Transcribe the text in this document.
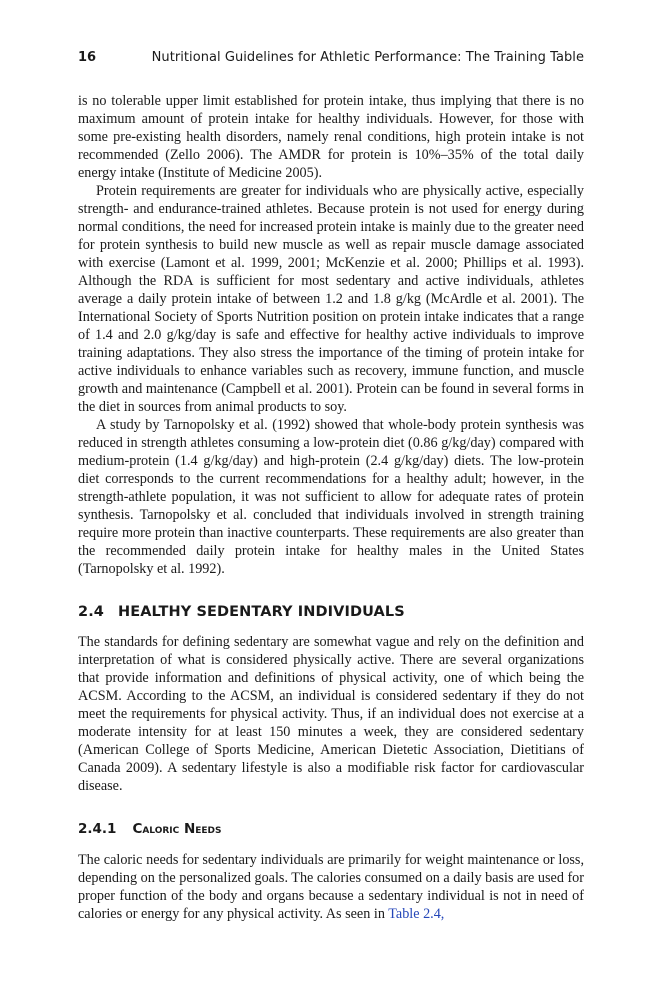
16	Nutritional Guidelines for Athletic Performance: The Training Table

is no tolerable upper limit established for protein intake, thus implying that there is no maximum amount of protein intake for healthy individuals. However, for those with some pre-existing health disorders, namely renal conditions, high protein intake is not recommended (Zello 2006). The AMDR for protein is 10%–35% of the total daily energy intake (Institute of Medicine 2005).

Protein requirements are greater for individuals who are physically active, especially strength- and endurance-trained athletes. Because protein is not used for energy during normal conditions, the need for increased protein intake is mainly due to the greater need for protein synthesis to build new muscle as well as repair muscle damage associated with exercise (Lamont et al. 1999, 2001; McKenzie et al. 2000; Phillips et al. 1993). Although the RDA is sufficient for most sedentary and active individuals, athletes average a daily protein intake of between 1.2 and 1.8 g/kg (McArdle et al. 2001). The International Society of Sports Nutrition position on protein intake indicates that a range of 1.4 and 2.0 g/kg/day is safe and effective for healthy active individuals to improve training adaptations. They also stress the importance of the timing of protein intake for active individuals to enhance variables such as recovery, immune function, and muscle growth and maintenance (Campbell et al. 2001). Protein can be found in several forms in the diet in sources from animal products to soy.

A study by Tarnopolsky et al. (1992) showed that whole-body protein synthesis was reduced in strength athletes consuming a low-protein diet (0.86 g/kg/day) compared with medium-protein (1.4 g/kg/day) and high-protein (2.4 g/kg/day) diets. The low-protein diet corresponds to the current recommendations for a healthy adult; however, in the strength-athlete population, it was not sufficient to allow for adequate rates of protein synthesis. Tarnopolsky et al. concluded that individuals involved in strength training require more protein than inactive counterparts. These requirements are also greater than the recommended daily protein intake for healthy males in the United States (Tarnopolsky et al. 1992).

2.4 HEALTHY SEDENTARY INDIVIDUALS

The standards for defining sedentary are somewhat vague and rely on the definition and interpretation of what is considered physically active. There are several organizations that provide information and definitions of physical activity, one of which being the ACSM. According to the ACSM, an individual is considered sedentary if they do not meet the requirements for physical activity. Thus, if an individual does not exercise at a moderate intensity for at least 150 minutes a week, they are considered sedentary (American College of Sports Medicine, American Dietetic Association, Dietitians of Canada 2009). A sedentary lifestyle is also a modifiable risk factor for cardiovascular disease.

2.4.1 Caloric Needs

The caloric needs for sedentary individuals are primarily for weight maintenance or loss, depending on the personalized goals. The calories consumed on a daily basis are used for proper function of the body and organs because a sedentary individual is not in need of calories or energy for any physical activity. As seen in Table 2.4,
